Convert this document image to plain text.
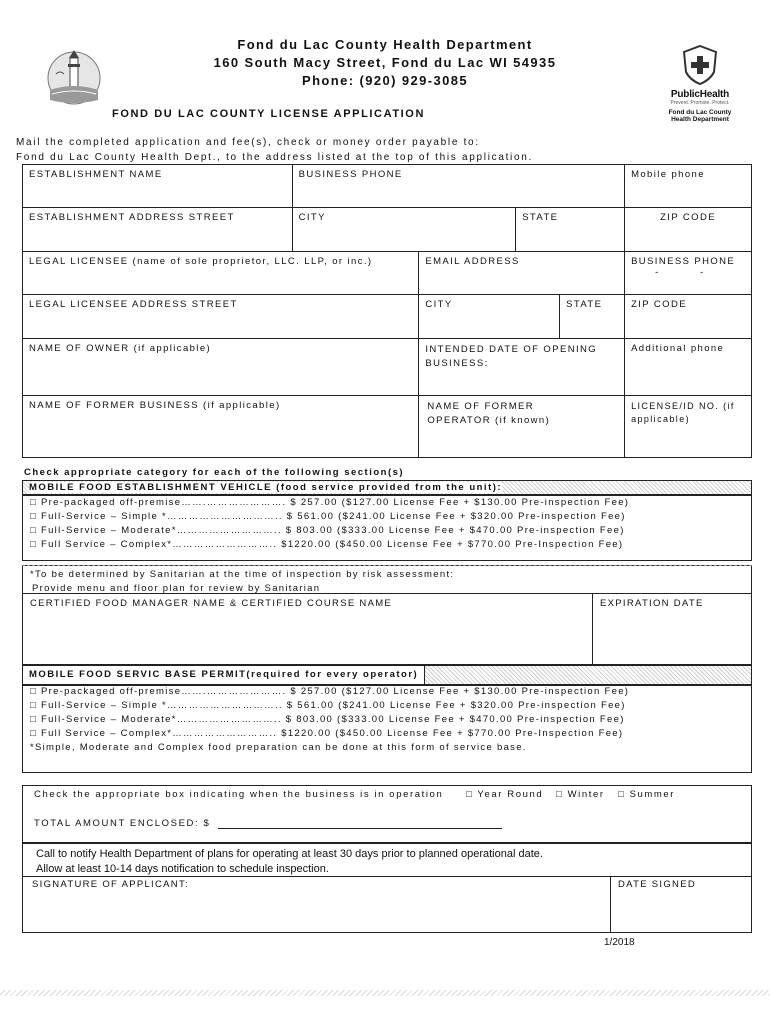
Fond du Lac County Health Department
160 South Macy Street, Fond du Lac WI 54935
Phone: (920) 929-3085
FOND DU LAC COUNTY LICENSE APPLICATION
PublicHealth
Prevent. Promote. Protect.
Fond du Lac County
Health Department
Mail the completed application and fee(s), check or money order payable to:
Fond du Lac County Health Dept., to the address listed at the top of this application.
ESTABLISHMENT NAME	BUSINESS PHONE				Mobile phone
ESTABLISHMENT ADDRESS STREET	CITY		STATE		ZIP CODE
LEGAL LICENSEE (name of sole proprietor, LLC. LLP, or inc.)		EMAIL ADDRESS			BUSINESS PHONE
-          -
LEGAL LICENSEE ADDRESS STREET		CITY		STATE	ZIP CODE
NAME OF OWNER (if applicable)		INTENDED DATE OF OPENING BUSINESS:			Additional phone
NAME OF FORMER BUSINESS (if applicable)		NAME OF FORMER OPERATOR (if known)			LICENSE/ID NO. (if
applicable)
Check appropriate category for each of the following section(s)
MOBILE FOOD ESTABLISHMENT VEHICLE (food service provided from the unit):
□ Pre-packaged off-premise…….…………………. $ 257.00 ($127.00 License Fee + $130.00 Pre-inspection Fee)
□ Full-Service – Simple *………………………….. $ 561.00 ($241.00 License Fee + $320.00 Pre-inspection Fee)
□ Full-Service – Moderate*……………………….. $ 803.00 ($333.00 License Fee + $470.00 Pre-inspection Fee)
□ Full Service – Complex*……………………….. $1220.00 ($450.00 License Fee + $770.00 Pre-Inspection Fee)
*To be determined by Sanitarian at the time of inspection by risk assessment:
Provide menu and floor plan for review by Sanitarian
CERTIFIED FOOD MANAGER NAME & CERTIFIED COURSE NAME	EXPIRATION DATE
MOBILE FOOD SERVIC BASE PERMIT(required for every operator)
□ Pre-packaged off-premise…….…………………. $ 257.00 ($127.00 License Fee + $130.00 Pre-inspection Fee)
□ Full-Service – Simple *………………………….. $ 561.00 ($241.00 License Fee + $320.00 Pre-inspection Fee)
□ Full-Service – Moderate*……………………….. $ 803.00 ($333.00 License Fee + $470.00 Pre-inspection Fee)
□ Full Service – Complex*……………………….. $1220.00 ($450.00 License Fee + $770.00 Pre-Inspection Fee)
*Simple, Moderate and Complex food preparation can be done at this form of service base.
Check the appropriate box indicating when the business is in operation □ Year Round □ Winter □ Summer
TOTAL AMOUNT ENCLOSED: $
Call to notify Health Department of plans for operating at least 30 days prior to planned operational date.
Allow at least 10-14 days notification to schedule inspection.
SIGNATURE OF APPLICANT:	DATE SIGNED
1/2018
